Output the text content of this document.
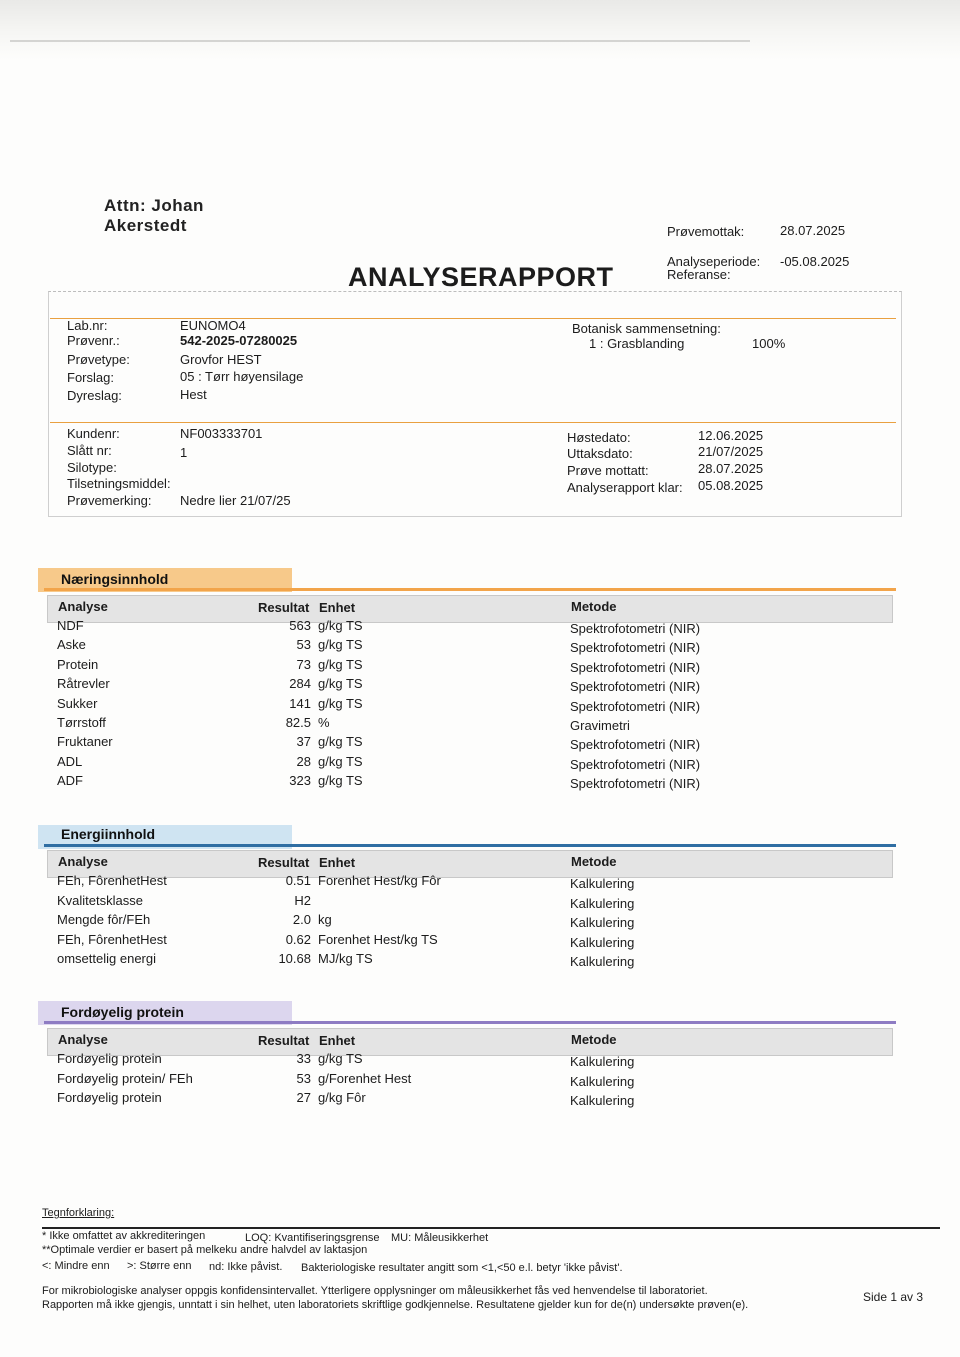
Attn: Johan Akerstedt
ANALYSERAPPORT
Prøvemottak:	28.07.2025
Analyseperiode: -05.08.2025
Referanse:
Lab.nr:	EUNOMO4
Prøvenr.:	542-2025-07280025
Prøvetype:	Grovfor HEST
Forslag:	05 : Tørr høyensilage
Dyreslag:	Hest
Botanisk sammensetning:
1 : Grasblanding	100%
Kundenr:	NF003333701
Slått nr:	1
Silotype:
Tilsetningsmiddel:
Prøvemerking: Nedre lier 21/07/25
Høstedato:	12.06.2025
Uttaksdato:	21/07/2025
Prøve mottatt:	28.07.2025
Analyserapport klar: 05.08.2025
Næringsinnhold
Analyse	Resultat Enhet	Metode
NDF	563 g/kg TS	Spektrofotometri (NIR)
Aske	53 g/kg TS	Spektrofotometri (NIR)
Protein	73 g/kg TS	Spektrofotometri (NIR)
Råtrevler	284 g/kg TS	Spektrofotometri (NIR)
Sukker	141 g/kg TS	Spektrofotometri (NIR)
Tørrstoff	82.5 %	Gravimetri
Fruktaner	37 g/kg TS	Spektrofotometri (NIR)
ADL	28 g/kg TS	Spektrofotometri (NIR)
ADF	323 g/kg TS	Spektrofotometri (NIR)
Energiinnhold
Analyse	Resultat Enhet	Metode
FEh, FôrenhetHest	0.51 Forenhet Hest/kg Fôr	Kalkulering
Kvalitetsklasse	H2	Kalkulering
Mengde fôr/FEh	2.0 kg	Kalkulering
FEh, FôrenhetHest	0.62 Forenhet Hest/kg TS	Kalkulering
omsettelig energi	10.68 MJ/kg TS	Kalkulering
Fordøyelig protein
Analyse	Resultat Enhet	Metode
Fordøyelig protein	33 g/kg TS	Kalkulering
Fordøyelig protein/ FEh	53 g/Forenhet Hest	Kalkulering
Fordøyelig protein	27 g/kg Fôr	Kalkulering
Tegnforklaring:
* Ikke omfattet av akkrediteringen	LOQ: Kvantifiseringsgrense MU: Måleusikkerhet
**Optimale verdier er basert på melkeku andre halvdel av laktasjon
<: Mindre enn >: Større enn nd: Ikke påvist. Bakteriologiske resultater angitt som <1,<50 e.l. betyr 'ikke påvist'.
For mikrobiologiske analyser oppgis konfidensintervallet. Ytterligere opplysninger om måleusikkerhet fås ved henvendelse til laboratoriet.
Rapporten må ikke gjengis, unntatt i sin helhet, uten laboratoriets skriftlige godkjennelse. Resultatene gjelder kun for de(n) undersøkte prøven(e).
Side 1 av 3
